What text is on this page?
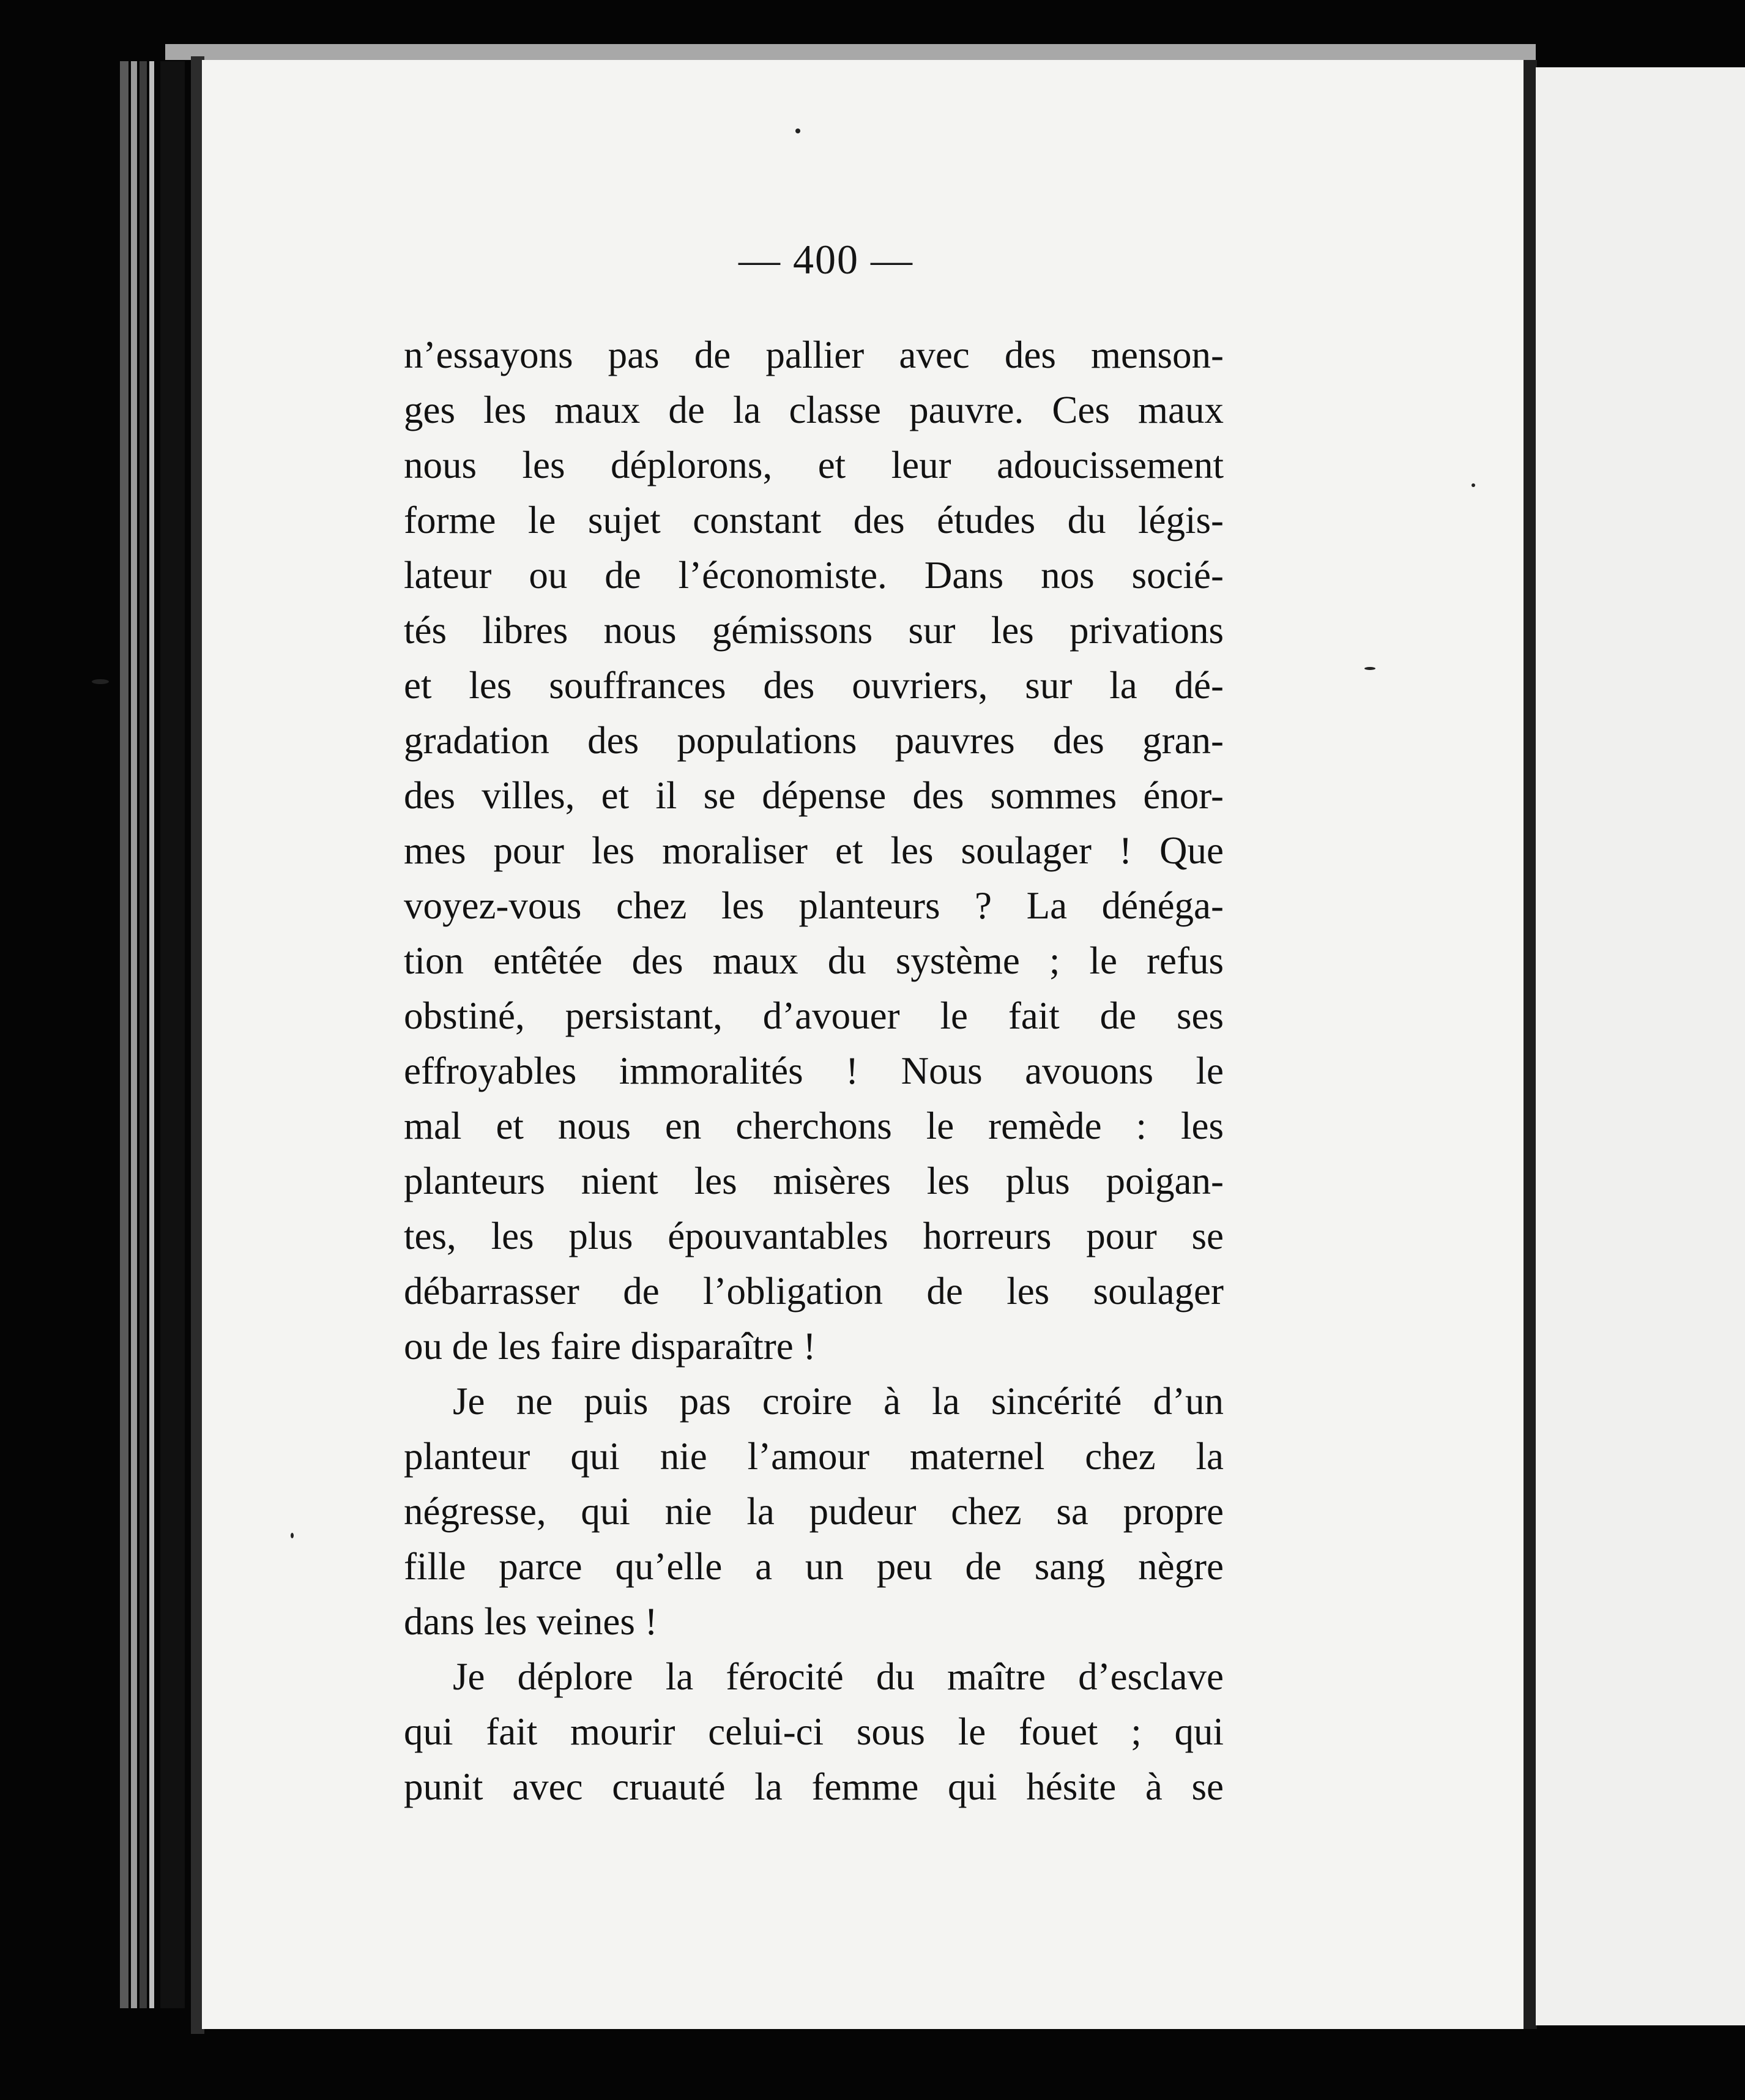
— 400 —
n’essayons pas de pallier avec des menson-
ges les maux de la classe pauvre. Ces maux
nous les déplorons, et leur adoucissement
forme le sujet constant des études du légis-
lateur ou de l’économiste. Dans nos socié-
tés libres nous gémissons sur les privations
et les souffrances des ouvriers, sur la dé-
gradation des populations pauvres des gran-
des villes, et il se dépense des sommes énor-
mes pour les moraliser et les soulager ! Que
voyez-vous chez les planteurs ? La dénéga-
tion entêtée des maux du système ; le refus
obstiné, persistant, d’avouer le fait de ses
effroyables immoralités ! Nous avouons le
mal et nous en cherchons le remède : les
planteurs nient les misères les plus poigan-
tes, les plus épouvantables horreurs pour se
débarrasser de l’obligation de les soulager
ou de les faire disparaître !
Je ne puis pas croire à la sincérité d’un
planteur qui nie l’amour maternel chez la
négresse, qui nie la pudeur chez sa propre
fille parce qu’elle a un peu de sang nègre
dans les veines !
Je déplore la férocité du maître d’esclave
qui fait mourir celui-ci sous le fouet ; qui
punit avec cruauté la femme qui hésite à se
